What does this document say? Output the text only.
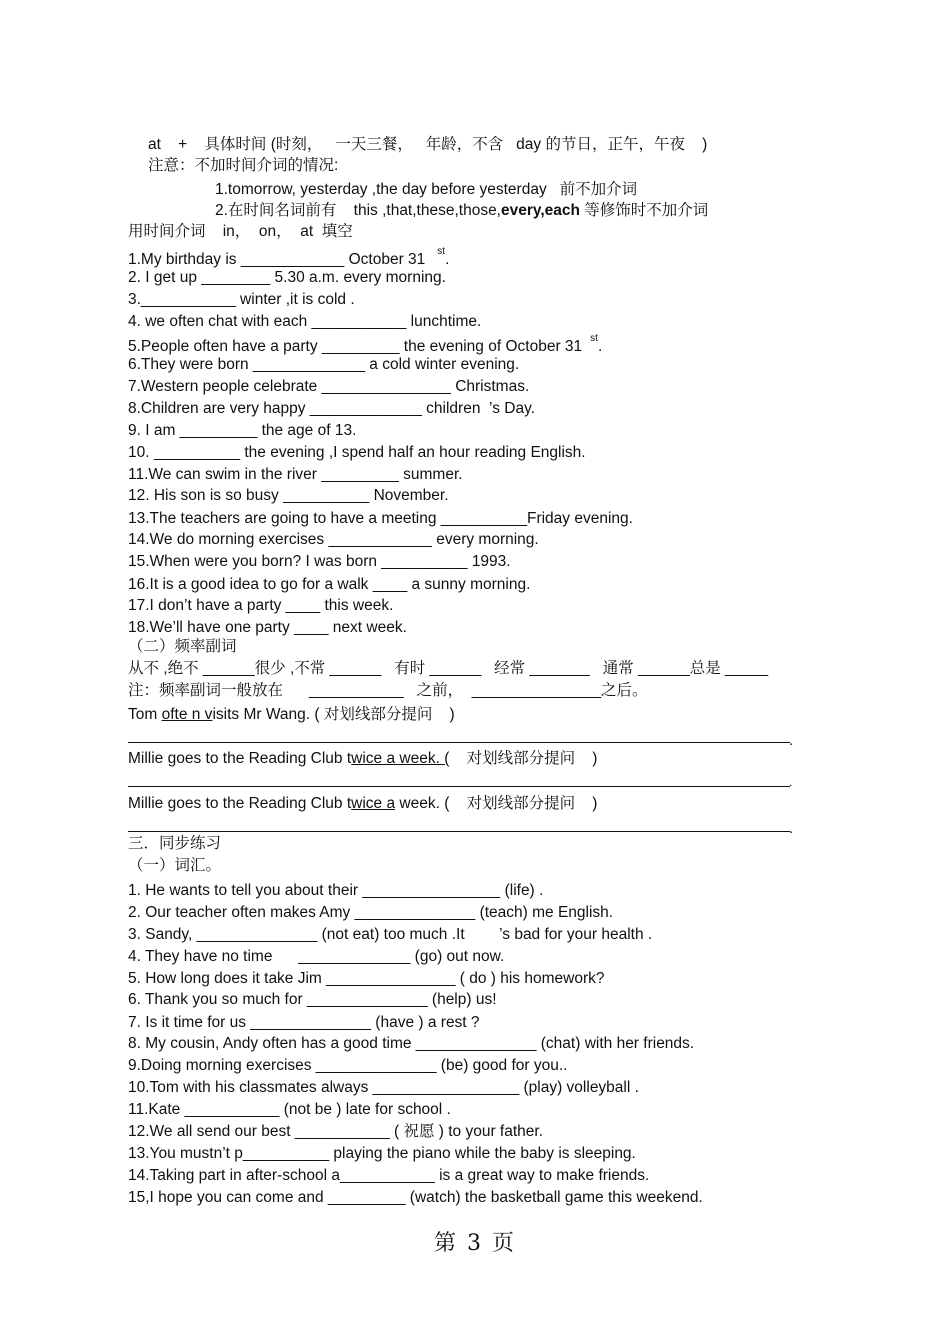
at    +    具体时间 (时刻，   一天三餐，   年龄，不含   day 的节日，正午，午夜    )
注意：不加时间介词的情况:
1.tomorrow, yesterday ,the day before yesterday   前不加介词
2.在时间名词前有    this ,that,these,those,every,each 等修饰时不加介词
用时间介词    in，  on，  at  填空
1.My birthday is ____________ October 31 $^{st}$.
2. I get up ________ 5.30 a.m. every morning.
3.___________ winter ,it is cold .
4. we often chat with each ___________ lunchtime.
5.People often have a party _________ the evening of October 31 $^{st}$.
6.They were born _____________ a cold winter evening.
7.Western people celebrate _______________ Christmas.
8.Children are very happy _____________ children  ’s Day.
9. I am _________ the age of 13.
10. __________ the evening ,I spend half an hour reading English.
11.We can swim in the river _________ summer.
12. His son is so busy __________ November.
13.The teachers are going to have a meeting __________Friday evening.
14.We do morning exercises ____________ every morning.
15.When were you born? I was born __________ 1993.
16.It is a good idea to go for a walk ____ a sunny morning.
17.I don’t have a party ____ this week.
18.We’ll have one party ____ next week.
（二）频率副词
从不 ,绝不 ______很少 ,不常 ______   有时 ______   经常 _______   通常 ______总是 _____
注：频率副词一般放在      ___________   之前，  _______________之后。
Tom ofte n visits Mr Wang. ( 对划线部分提问    )
.
Millie goes to the Reading Club twice a week. (    对划线部分提问    )
.
Millie goes to the Reading Club twice a week. (    对划线部分提问    )
.
三．同步练习
（一）词汇。
1. He wants to tell you about their ________________ (life) .
2. Our teacher often makes Amy ______________ (teach) me English.
3. Sandy, ______________ (not eat) too much .It        ’s bad for your health .
4. They have no time      _____________ (go) out now.
5. How long does it take Jim _______________ ( do ) his homework?
6. Thank you so much for ______________ (help) us!
7. Is it time for us ______________ (have ) a rest ?
8. My cousin, Andy often has a good time ______________ (chat) with her friends.
9.Doing morning exercises ______________ (be) good for you..
10.Tom with his classmates always _________________ (play) volleyball .
11.Kate ___________ (not be ) late for school .
12.We all send our best ___________ ( 祝愿 ) to your father.
13.You mustn’t p__________ playing the piano while the baby is sleeping.
14.Taking part in after-school a___________ is a great way to make friends.
15,I hope you can come and _________ (watch) the basketball game this weekend.
第 3 页
